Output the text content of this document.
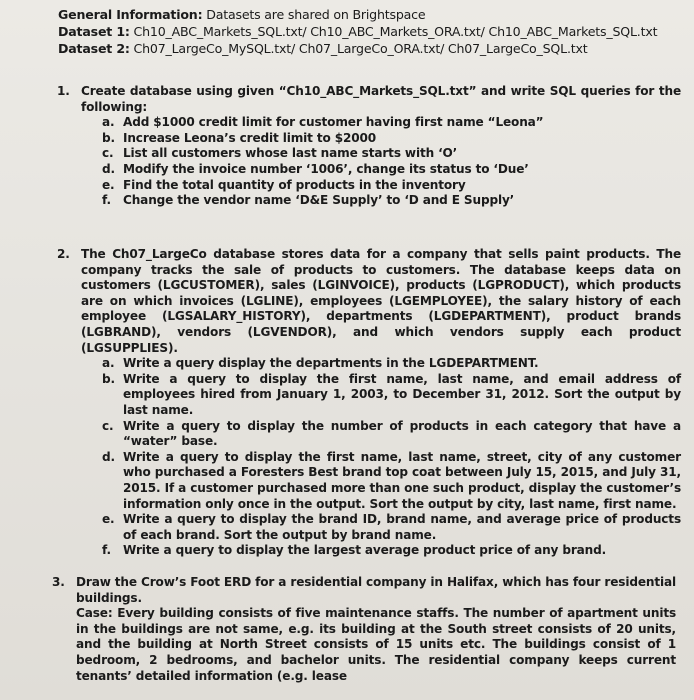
General Information: Datasets are shared on Brightspace
Dataset 1: Ch10_ABC_Markets_SQL.txt/ Ch10_ABC_Markets_ORA.txt/ Ch10_ABC_Markets_SQL.txt
Dataset 2: Ch07_LargeCo_MySQL.txt/ Ch07_LargeCo_ORA.txt/ Ch07_LargeCo_SQL.txt
1. Create database using given “Ch10_ABC_Markets_SQL.txt” and write SQL queries for the following:
a. Add $1000 credit limit for customer having first name “Leona”
b. Increase Leona’s credit limit to $2000
c. List all customers whose last name starts with ‘O’
d. Modify the invoice number ‘1006’, change its status to ‘Due’
e. Find the total quantity of products in the inventory
f. Change the vendor name ‘D&E Supply’ to ‘D and E Supply’
2. The Ch07_LargeCo database stores data for a company that sells paint products. The company tracks the sale of products to customers. The database keeps data on customers (LGCUSTOMER), sales (LGINVOICE), products (LGPRODUCT), which products are on which invoices (LGLINE), employees (LGEMPLOYEE), the salary history of each employee (LGSALARY_HISTORY), departments (LGDEPARTMENT), product brands (LGBRAND), vendors (LGVENDOR), and which vendors supply each product (LGSUPPLIES).
a. Write a query display the departments in the LGDEPARTMENT.
b. Write a query to display the first name, last name, and email address of employees hired from January 1, 2003, to December 31, 2012. Sort the output by last name.
c. Write a query to display the number of products in each category that have a “water” base.
d. Write a query to display the first name, last name, street, city of any customer who purchased a Foresters Best brand top coat between July 15, 2015, and July 31, 2015. If a customer purchased more than one such product, display the customer’s information only once in the output. Sort the output by city, last name, first name.
e. Write a query to display the brand ID, brand name, and average price of products of each brand. Sort the output by brand name.
f. Write a query to display the largest average product price of any brand.
3. Draw the Crow’s Foot ERD for a residential company in Halifax, which has four residential buildings.
Case: Every building consists of five maintenance staffs. The number of apartment units in the buildings are not same, e.g. its building at the South street consists of 20 units, and the building at North Street consists of 15 units etc. The buildings consist of 1 bedroom, 2 bedrooms, and bachelor units. The residential company keeps current tenants’ detailed information (e.g. lease
